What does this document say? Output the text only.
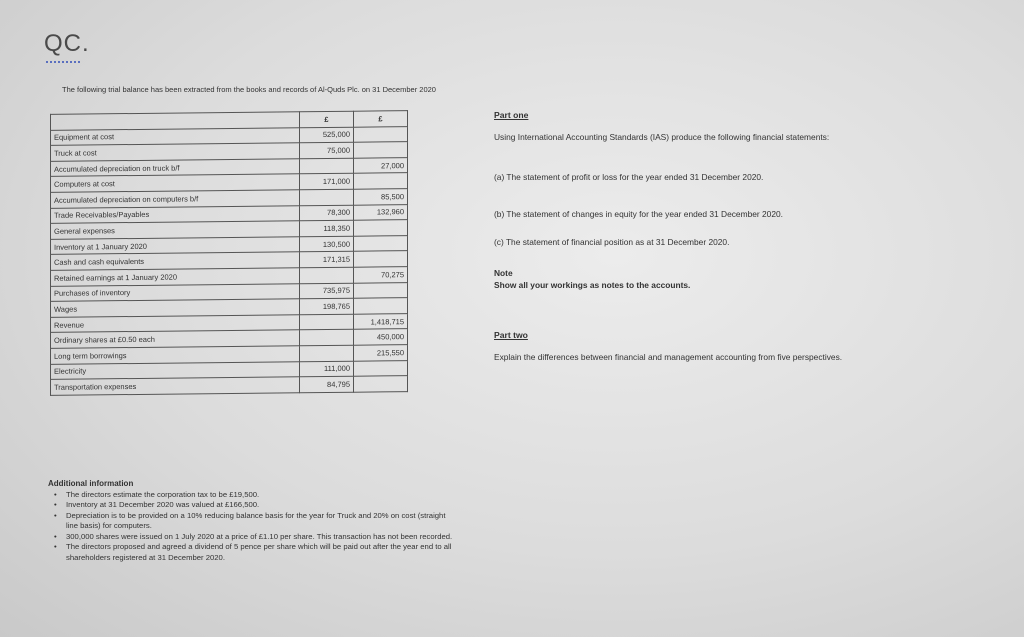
QC.
The following trial balance has been extracted from the books and records of Al-Quds Plc. on 31 December 2020
	£	£
Equipment at cost	525,000	
Truck at cost	75,000	
Accumulated depreciation on truck b/f		27,000
Computers at cost	171,000	
Accumulated depreciation on computers b/f		85,500
Trade Receivables/Payables	78,300	132,960
General expenses	118,350	
Inventory at 1 January 2020	130,500	
Cash and cash equivalents	171,315	
Retained earnings at 1 January 2020		70,275
Purchases of inventory	735,975	
Wages	198,765	
Revenue		1,418,715
Ordinary shares at £0.50 each		450,000
Long term borrowings		215,550
Electricity	111,000	
Transportation expenses	84,795	
Additional information
• The directors estimate the corporation tax to be £19,500.
• Inventory at 31 December 2020 was valued at £166,500.
• Depreciation is to be provided on a 10% reducing balance basis for the year for Truck and 20% on cost (straight line basis) for computers.
• 300,000 shares were issued on 1 July 2020 at a price of £1.10 per share. This transaction has not been recorded.
• The directors proposed and agreed a dividend of 5 pence per share which will be paid out after the year end to all shareholders registered at 31 December 2020.
Part one

Using International Accounting Standards (IAS) produce the following financial statements:

(a) The statement of profit or loss for the year ended 31 December 2020.

(b) The statement of changes in equity for the year ended 31 December 2020.

(c) The statement of financial position as at 31 December 2020.

Note
Show all your workings as notes to the accounts.
Part two

Explain the differences between financial and management accounting from five perspectives.
